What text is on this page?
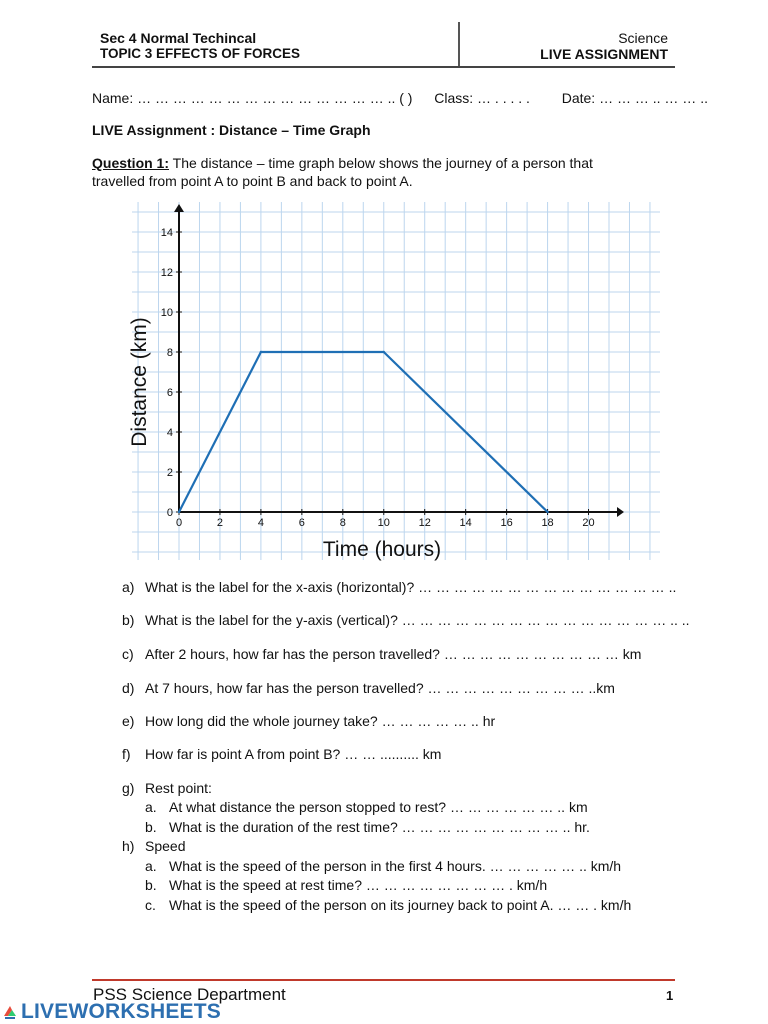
Sec 4 Normal Techincal
TOPIC 3 EFFECTS OF FORCES
Science
LIVE ASSIGNMENT
Name: … … … … … … … … … … … … … … .. ( ) Class: … . . . . . Date: … … … .. … … ..
LIVE Assignment : Distance – Time Graph
Question 1: The distance – time graph below shows the journey of a person that
travelled from point A to point B and back to point A.
0	2	4	6	8	10	12	14	16	18	20
0
2
4
6
8
10
12
14
Distance (km)
Time (hours)
a) What is the label for the x-axis (horizontal)? … … … … … … … … … … … … … … ..
b) What is the label for the y-axis (vertical)? … … … … … … … … … … … … … … … .. ..
c) After 2 hours, how far has the person travelled? … … … … … … … … … … km
d) At 7 hours, how far has the person travelled? … … … … … … … … … ..km
e) How long did the whole journey take? … … … … … .. hr
f) How far is point A from point B? … … .......... km
g) Rest point:
a. At what distance the person stopped to rest? … … … … … … .. km
b. What is the duration of the rest time? … … … … … … … … … .. hr.
h) Speed
a. What is the speed of the person in the first 4 hours. … … … … … .. km/h
b. What is the speed at rest time? … … … … … … … … . km/h
c. What is the speed of the person on its journey back to point A. … … . km/h
PSS Science Department	1
LIVEWORKSHEETS
